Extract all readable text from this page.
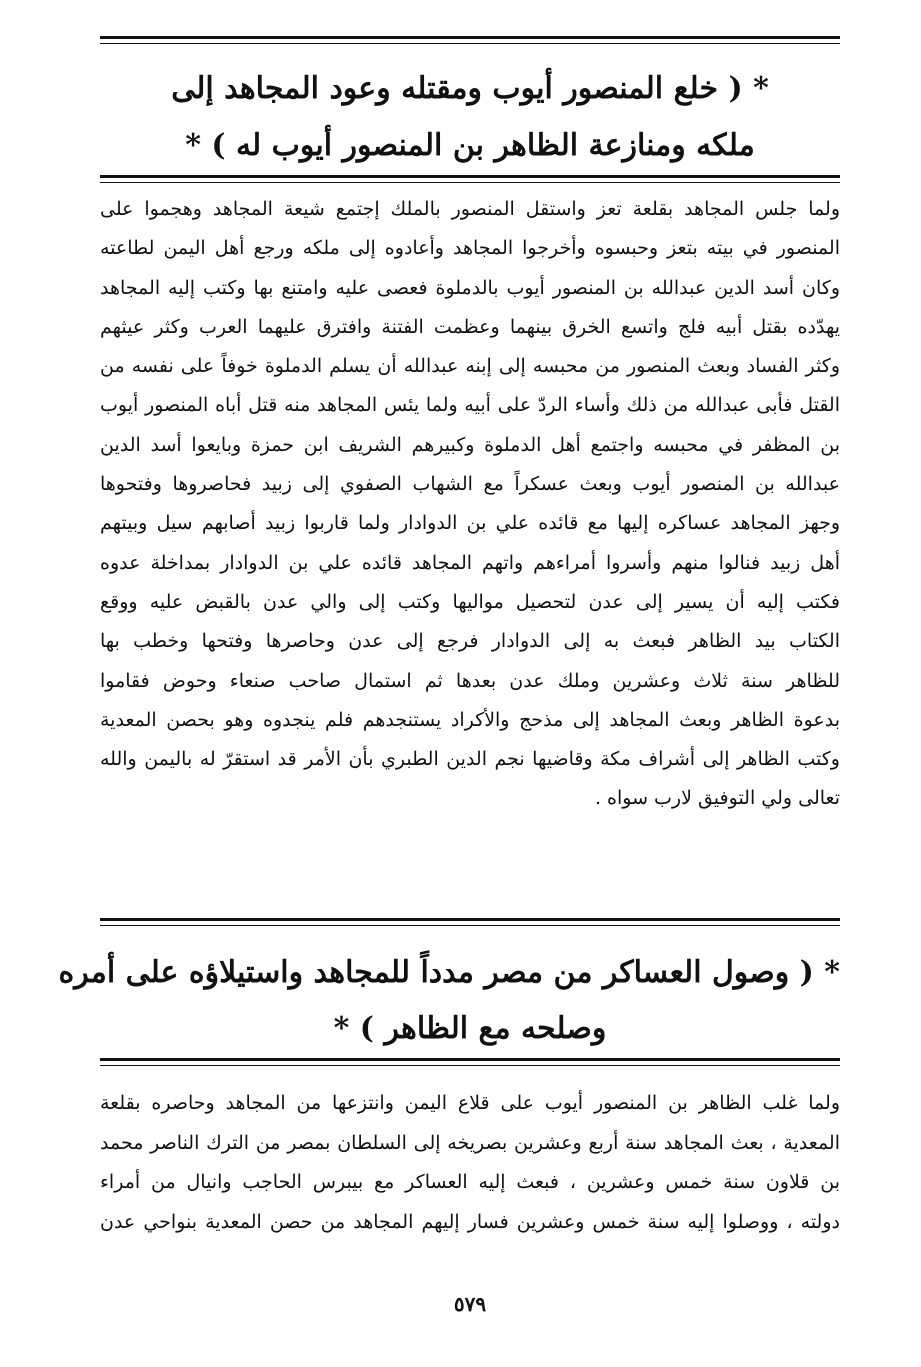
* ( خلع المنصور أيوب ومقتله وعود المجاهد إلى
ملكه ومنازعة الظاهر بن المنصور أيوب له ) *
ولما جلس المجاهد بقلعة تعز واستقل المنصور بالملك إجتمع شيعة المجاهد وهجموا على
المنصور في بيته بتعز وحبسوه وأخرجوا المجاهد وأعادوه إلى ملكه ورجع أهل اليمن لطاعته
وكان أسد الدين عبدالله بن المنصور أيوب بالدملوة فعصى عليه وامتنع بها وكتب إليه المجاهد
يهدّده بقتل أبيه فلج واتسع الخرق بينهما وعظمت الفتنة وافترق عليهما العرب وكثر عيثهم
وكثر الفساد وبعث المنصور من محبسه إلى إبنه عبدالله أن يسلم الدملوة خوفاً على نفسه من
القتل فأبى عبدالله من ذلك وأساء الردّ على أبيه ولما يئس المجاهد منه قتل أباه المنصور أيوب
بن المظفر في محبسه واجتمع أهل الدملوة وكبيرهم الشريف ابن حمزة وبايعوا أسد الدين
عبدالله بن المنصور أيوب وبعث عسكراً مع الشهاب الصفوي إلى زبيد فحاصروها وفتحوها
وجهز المجاهد عساكره إليها مع قائده علي بن الدوادار ولما قاربوا زبيد أصابهم سيل وبيتهم
أهل زبيد فنالوا منهم وأسروا أمراءهم واتهم المجاهد قائده علي بن الدوادار بمداخلة عدوه
فكتب إليه أن يسير إلى عدن لتحصيل مواليها وكتب إلى والي عدن بالقبض عليه ووقع
الكتاب بيد الظاهر فبعث به إلى الدوادار فرجع إلى عدن وحاصرها وفتحها وخطب بها
للظاهر سنة ثلاث وعشرين وملك عدن بعدها ثم استمال صاحب صنعاء وحوض فقاموا
بدعوة الظاهر وبعث المجاهد إلى مذحج والأكراد يستنجدهم فلم ينجدوه وهو بحصن المعدية
وكتب الظاهر إلى أشراف مكة وقاضيها نجم الدين الطبري بأن الأمر قد استقرّ له باليمن والله
تعالى ولي التوفيق لارب سواه .
* ( وصول العساكر من مصر مدداً للمجاهد واستيلاؤه على أمره
وصلحه مع الظاهر ) *
ولما غلب الظاهر بن المنصور أيوب على قلاع اليمن وانتزعها من المجاهد وحاصره بقلعة
المعدية ، بعث المجاهد سنة أربع وعشرين بصريخه إلى السلطان بمصر من الترك الناصر محمد
بن قلاون سنة خمس وعشرين ، فبعث إليه العساكر مع بيبرس الحاجب وانيال من أمراء
دولته ، ووصلوا إليه سنة خمس وعشرين فسار إليهم المجاهد من حصن المعدية بنواحي عدن
٥٧٩
